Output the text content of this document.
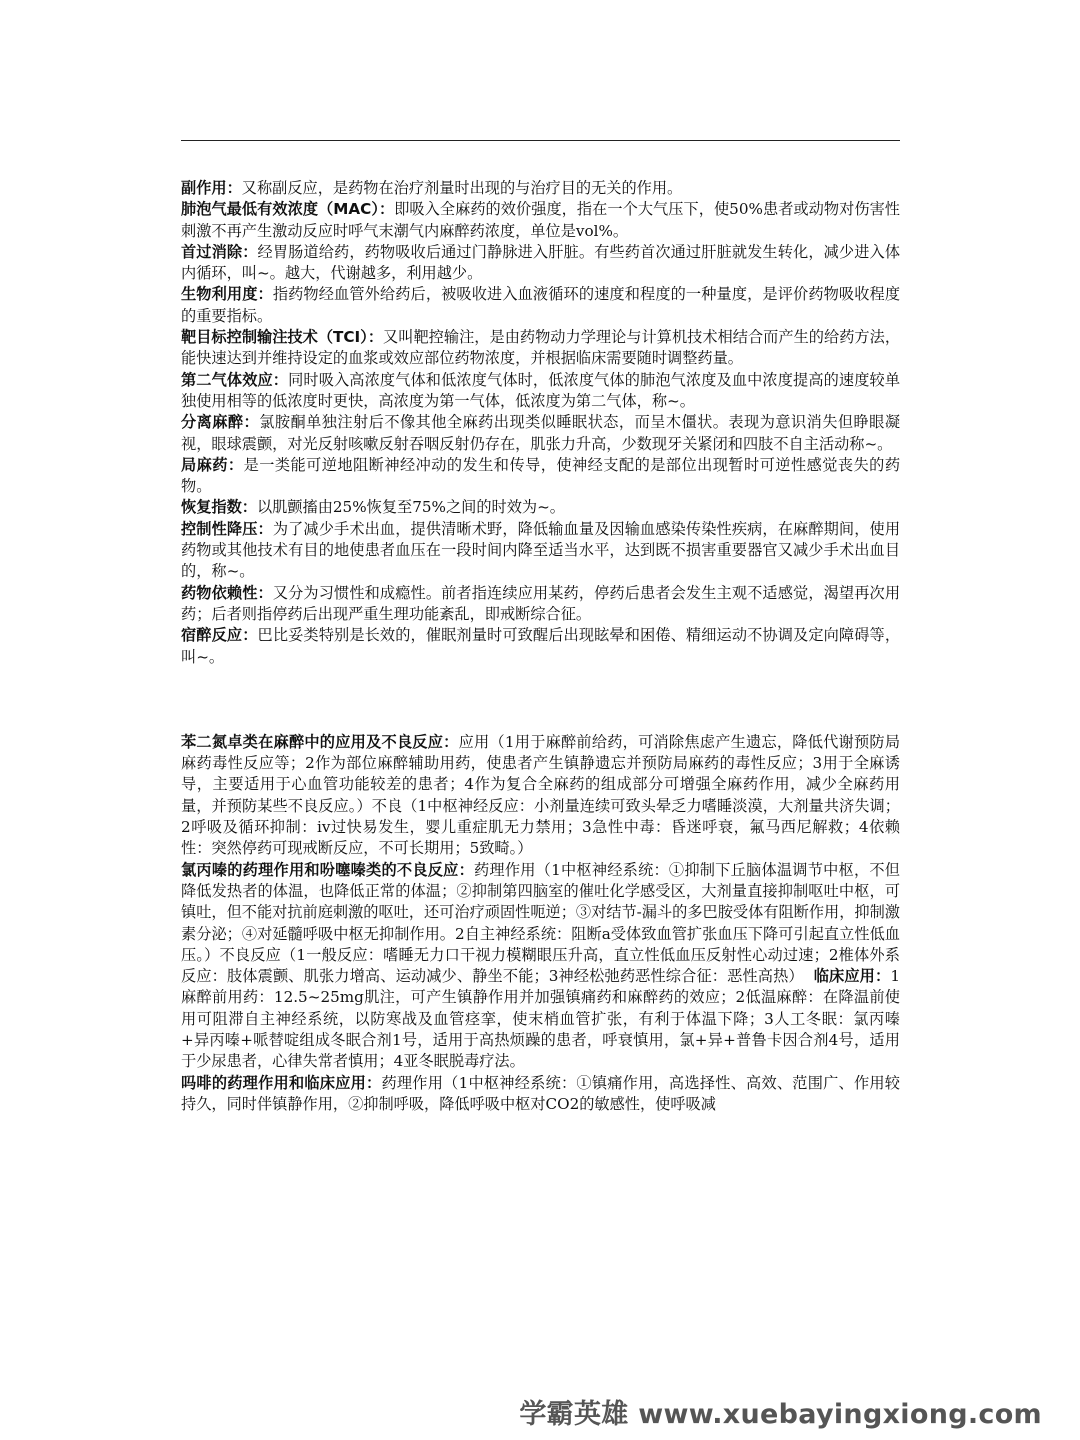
副作用：又称副反应，是药物在治疗剂量时出现的与治疗目的无关的作用。

肺泡气最低有效浓度（MAC）：即吸入全麻药的效价强度，指在一个大气压下，使50%患者或动物对伤害性刺激不再产生激动反应时呼气末潮气内麻醉药浓度，单位是vol%。

首过消除：经胃肠道给药，药物吸收后通过门静脉进入肝脏。有些药首次通过肝脏就发生转化，减少进入体内循环，叫~。越大，代谢越多，利用越少。

生物利用度：指药物经血管外给药后，被吸收进入血液循环的速度和程度的一种量度，是评价药物吸收程度的重要指标。

靶目标控制输注技术（TCI）：又叫靶控输注，是由药物动力学理论与计算机技术相结合而产生的给药方法，能快速达到并维持设定的血浆或效应部位药物浓度，并根据临床需要随时调整药量。

第二气体效应：同时吸入高浓度气体和低浓度气体时，低浓度气体的肺泡气浓度及血中浓度提高的速度较单独使用相等的低浓度时更快，高浓度为第一气体，低浓度为第二气体，称~。

分离麻醉：氯胺酮单独注射后不像其他全麻药出现类似睡眠状态，而呈木僵状。表现为意识消失但睁眼凝视，眼球震颤，对光反射咳嗽反射吞咽反射仍存在，肌张力升高，少数现牙关紧闭和四肢不自主活动称~。

局麻药：是一类能可逆地阻断神经冲动的发生和传导，使神经支配的是部位出现暂时可逆性感觉丧失的药物。

恢复指数：以肌颤搐由25%恢复至75%之间的时效为~。

控制性降压：为了减少手术出血，提供清晰术野，降低输血量及因输血感染传染性疾病，在麻醉期间，使用药物或其他技术有目的地使患者血压在一段时间内降至适当水平，达到既不损害重要器官又减少手术出血目的，称~。

药物依赖性：又分为习惯性和成瘾性。前者指连续应用某药，停药后患者会发生主观不适感觉，渴望再次用药；后者则指停药后出现严重生理功能紊乱，即戒断综合征。

宿醉反应：巴比妥类特别是长效的，催眠剂量时可致醒后出现眩晕和困倦、精细运动不协调及定向障碍等，叫~。

苯二氮卓类在麻醉中的应用及不良反应：应用（1用于麻醉前给药，可消除焦虑产生遗忘，降低代谢预防局麻药毒性反应等；2作为部位麻醉辅助用药，使患者产生镇静遗忘并预防局麻药的毒性反应；3用于全麻诱导，主要适用于心血管功能较差的患者；4作为复合全麻药的组成部分可增强全麻药作用，减少全麻药用量，并预防某些不良反应。）不良（1中枢神经反应：小剂量连续可致头晕乏力嗜睡淡漠，大剂量共济失调；2呼吸及循环抑制：iv过快易发生，婴儿重症肌无力禁用；3急性中毒：昏迷呼衰，氟马西尼解救；4依赖性：突然停药可现戒断反应，不可长期用；5致畸。）

氯丙嗪的药理作用和吩噻嗪类的不良反应：药理作用（1中枢神经系统：①抑制下丘脑体温调节中枢，不但降低发热者的体温，也降低正常的体温；②抑制第四脑室的催吐化学感受区，大剂量直接抑制呕吐中枢，可镇吐，但不能对抗前庭刺激的呕吐，还可治疗顽固性呃逆；③对结节-漏斗的多巴胺受体有阻断作用，抑制激素分泌；④对延髓呼吸中枢无抑制作用。2自主神经系统：阻断a受体致血管扩张血压下降可引起直立性低血压。）不良反应（1一般反应：嗜睡无力口干视力模糊眼压升高，直立性低血压反射性心动过速；2椎体外系反应：肢体震颤、肌张力增高、运动减少、静坐不能；3神经松弛药恶性综合征：恶性高热） 临床应用：1麻醉前用药：12.5~25mg肌注，可产生镇静作用并加强镇痛药和麻醉药的效应；2低温麻醉：在降温前使用可阻滞自主神经系统，以防寒战及血管痉挛，使末梢血管扩张，有利于体温下降；3人工冬眠：氯丙嗪+异丙嗪+哌替啶组成冬眠合剂1号，适用于高热烦躁的患者，呼衰慎用，氯+异+普鲁卡因合剂4号，适用于少尿患者，心律失常者慎用；4亚冬眠脱毒疗法。

吗啡的药理作用和临床应用：药理作用（1中枢神经系统：①镇痛作用，高选择性、高效、范围广、作用较持久，同时伴镇静作用，②抑制呼吸，降低呼吸中枢对CO2的敏感性，使呼吸减

学霸英雄 www.xuebayingxiong.com
